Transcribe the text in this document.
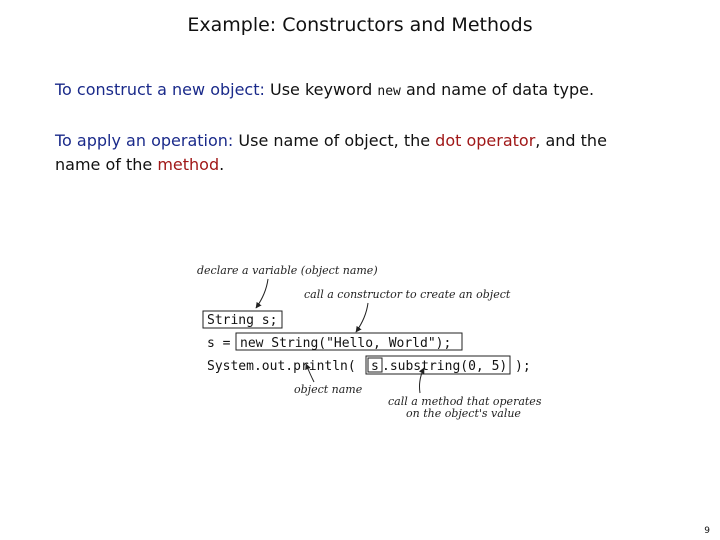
Example: Constructors and Methods
To construct a new object: Use keyword new and name of data type.
To apply an operation: Use name of object, the dot operator, and the name of the method.
declare a variable (object name)
call a constructor to create an object
object name
call a method that operates
on the object's value
String s;
s = new String("Hello, World");
System.out.println( s .substring(0, 5) );
9
